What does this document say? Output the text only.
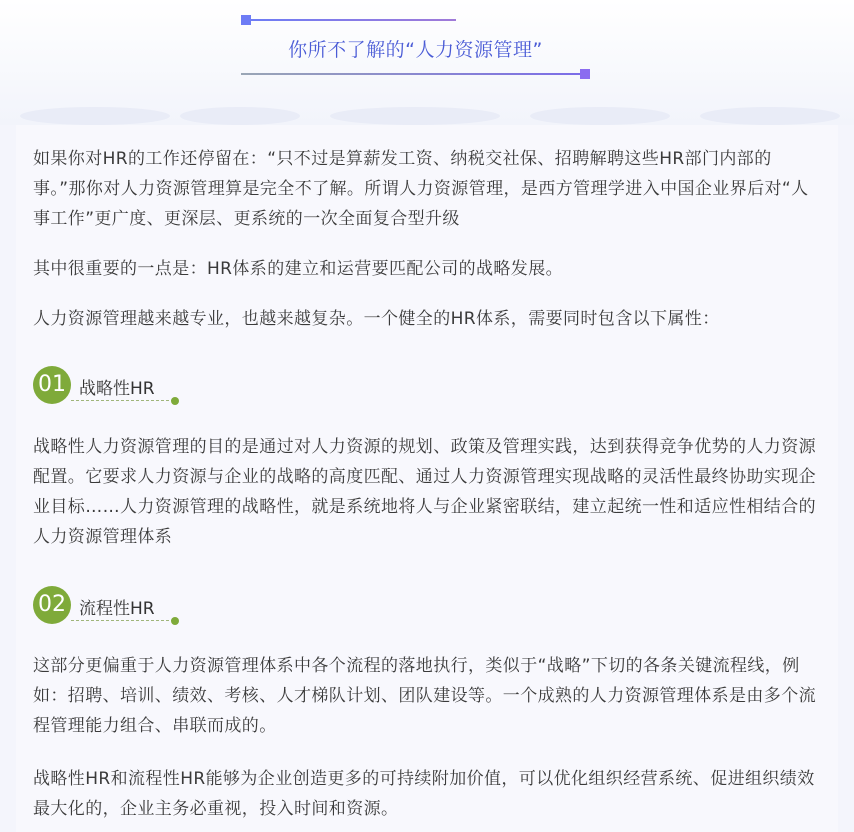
你所不了解的“人力资源管理”

如果你对HR的工作还停留在：“只不过是算薪发工资、纳税交社保、招聘解聘这些HR部门内部的事。”那你对人力资源管理算是完全不了解。所谓人力资源管理，是西方管理学进入中国企业界后对“人事工作”更广度、更深层、更系统的一次全面复合型升级

其中很重要的一点是：HR体系的建立和运营要匹配公司的战略发展。

人力资源管理越来越专业，也越来越复杂。一个健全的HR体系，需要同时包含以下属性：

01 战略性HR

战略性人力资源管理的目的是通过对人力资源的规划、政策及管理实践，达到获得竞争优势的人力资源配置。它要求人力资源与企业的战略的高度匹配、通过人力资源管理实现战略的灵活性最终协助实现企业目标……人力资源管理的战略性，就是系统地将人与企业紧密联结，建立起统一性和适应性相结合的人力资源管理体系

02 流程性HR

这部分更偏重于人力资源管理体系中各个流程的落地执行，类似于“战略”下切的各条关键流程线，例如：招聘、培训、绩效、考核、人才梯队计划、团队建设等。一个成熟的人力资源管理体系是由多个流程管理能力组合、串联而成的。

战略性HR和流程性HR能够为企业创造更多的可持续附加价值，可以优化组织经营系统、促进组织绩效最大化的，企业主务必重视，投入时间和资源。
